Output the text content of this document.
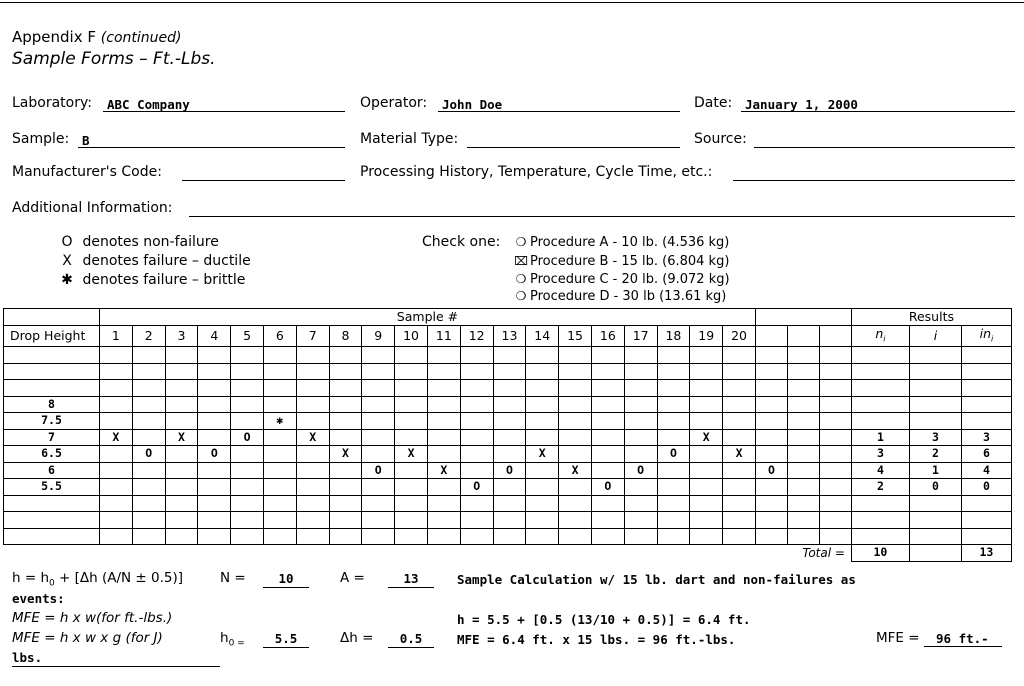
Appendix F (continued)
Sample Forms – Ft.-Lbs.
Laboratory:	ABC Company	Operator:	John Doe	Date:	January 1, 2000
Sample:	B	Material Type:	Source:
Manufacturer's Code:	Processing History, Temperature, Cycle Time, etc.:
Additional Information:
O denotes non-failure
X denotes failure – ductile
✱ denotes failure – brittle
Check one:	❍ Procedure A - 10 lb. (4.536 kg)
⌧ Procedure B - 15 lb. (6.804 kg)
❍ Procedure C - 20 lb. (9.072 kg)
❍ Procedure D - 30 lb (13.61 kg)
	Sample #																							Results		
Drop Height	1	2	3	4	5	6	7	8	9	10	11	12	13	14	15	16	17	18	19	20				$n_i$	i	$in_i$

8																										
7.5						✱																				
7	X		X		O		X												X					1	3	3
6.5		O		O				X		X				X				O		X				3	2	6
6									O		X		O		X		O				O			4	1	4
5.5												O				O								2	0	0

Total =																								10		13
$h = h_0 + [\Delta h$ (A/N ± 0.5)]	N =	10	A =	13	Sample Calculation w/ 15 lb. dart and non-failures as
events:
MFE = h x w(for ft.-lbs.)	h = 5.5 + [0.5 (13/10 + 0.5)] = 6.4 ft.
MFE = h x w x g (for J)	$h_{0 =}$	5.5	Δh =	0.5	MFE = 6.4 ft. x 15 lbs. = 96 ft.-lbs.	MFE =	96 ft.-
lbs.
